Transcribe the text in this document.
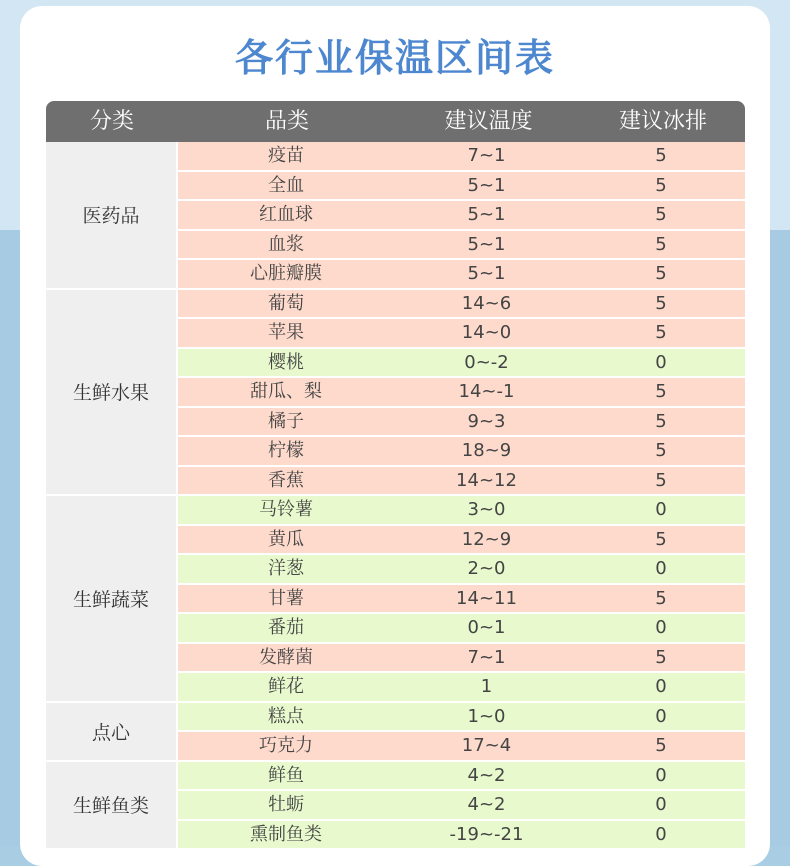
各行业保温区间表
分类	品类	建议温度	建议冰排
医药品
疫苗	7~1	5
全血	5~1	5
红血球	5~1	5
血浆	5~1	5
心脏瓣膜	5~1	5
生鲜水果
葡萄	14~6	5
苹果	14~0	5
樱桃	0~-2	0
甜瓜、梨	14~-1	5
橘子	9~3	5
柠檬	18~9	5
香蕉	14~12	5
生鲜蔬菜
马铃薯	3~0	0
黄瓜	12~9	5
洋葱	2~0	0
甘薯	14~11	5
番茄	0~1	0
发酵菌	7~1	5
鲜花	1	0
点心
糕点	1~0	0
巧克力	17~4	5
生鲜鱼类
鲜鱼	4~2	0
牡蛎	4~2	0
熏制鱼类	-19~-21	0
